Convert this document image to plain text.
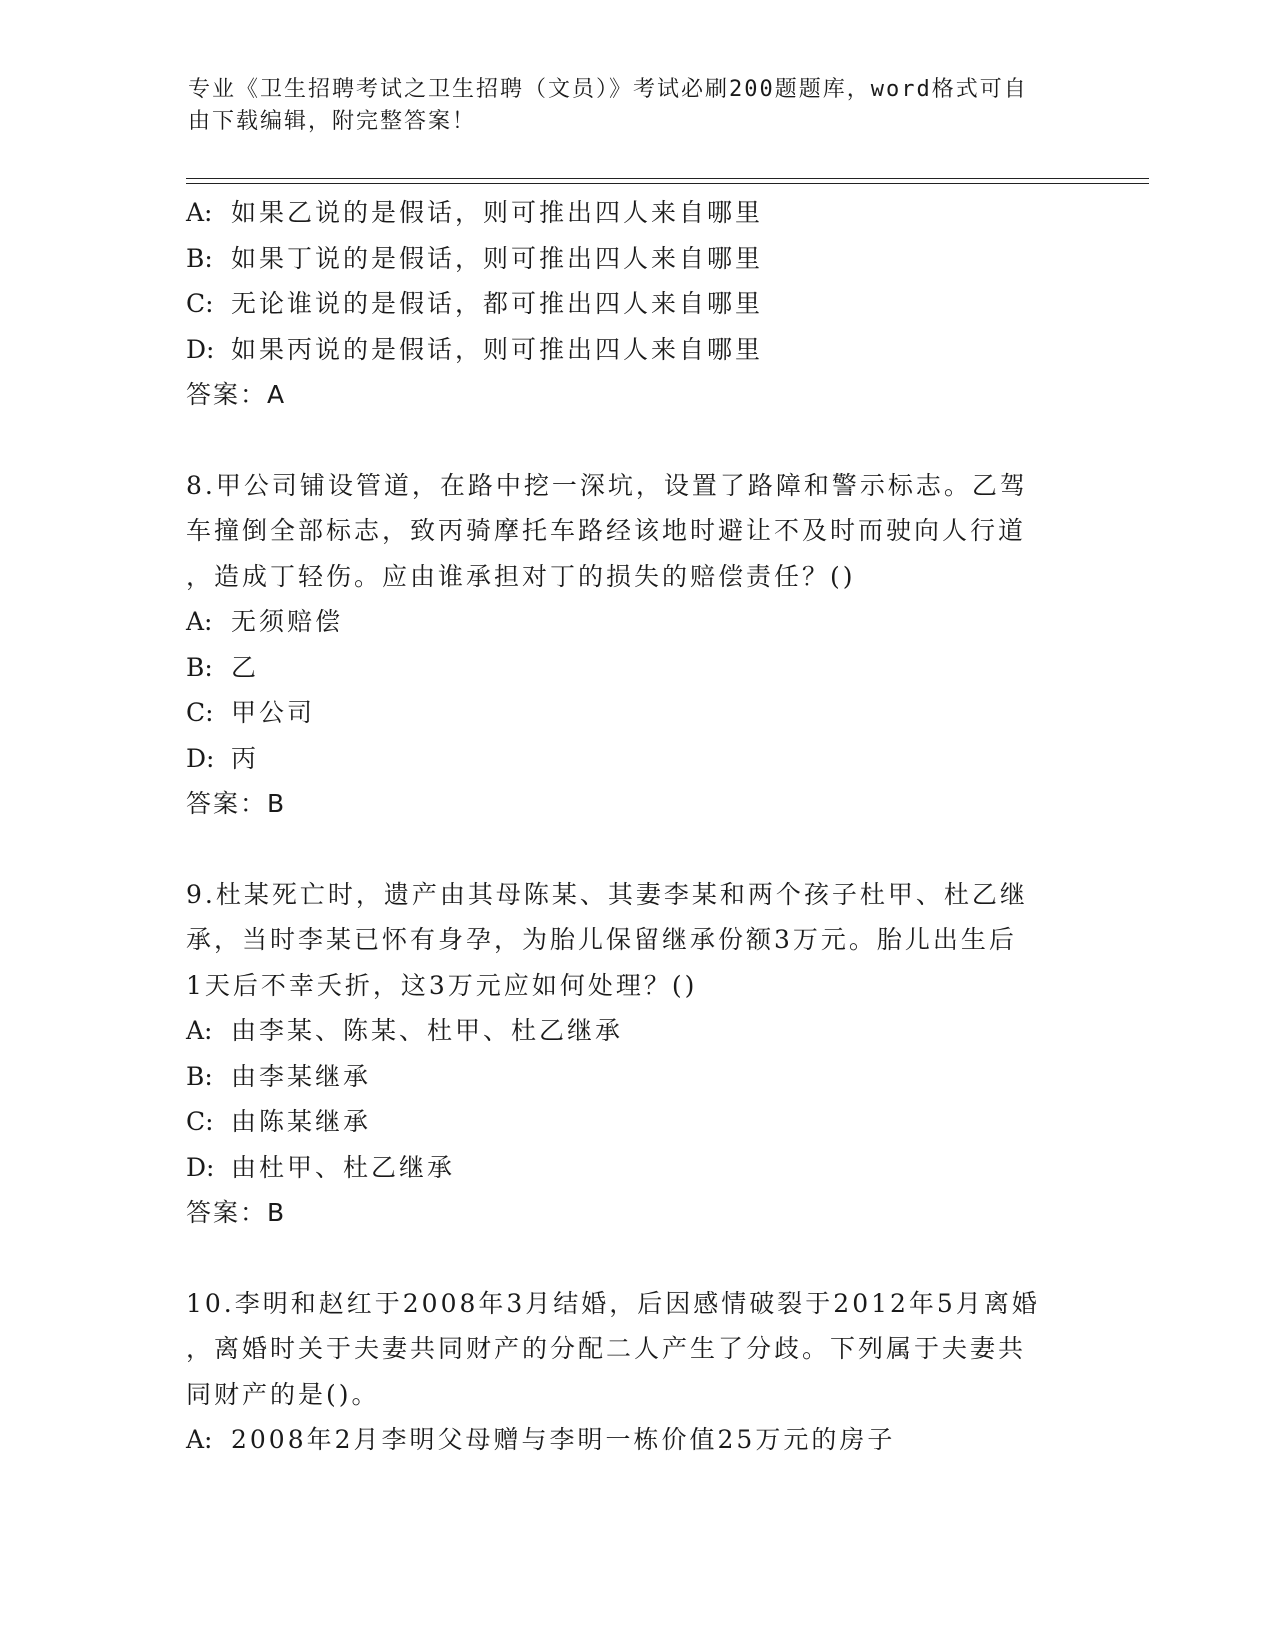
专业《卫生招聘考试之卫生招聘（文员）》考试必刷200题题库，word格式可自
由下载编辑，附完整答案！
A: 如果乙说的是假话，则可推出四人来自哪里
B: 如果丁说的是假话，则可推出四人来自哪里
C: 无论谁说的是假话，都可推出四人来自哪里
D: 如果丙说的是假话，则可推出四人来自哪里
答案：A
8.甲公司铺设管道，在路中挖一深坑，设置了路障和警示标志。乙驾
车撞倒全部标志，致丙骑摩托车路经该地时避让不及时而驶向人行道
，造成丁轻伤。应由谁承担对丁的损失的赔偿责任？()
A: 无须赔偿
B: 乙
C: 甲公司
D: 丙
答案：B
9.杜某死亡时，遗产由其母陈某、其妻李某和两个孩子杜甲、杜乙继
承，当时李某已怀有身孕，为胎儿保留继承份额3万元。胎儿出生后
1天后不幸夭折，这3万元应如何处理？()
A: 由李某、陈某、杜甲、杜乙继承
B: 由李某继承
C: 由陈某继承
D: 由杜甲、杜乙继承
答案：B
10.李明和赵红于2008年3月结婚，后因感情破裂于2012年5月离婚
，离婚时关于夫妻共同财产的分配二人产生了分歧。下列属于夫妻共
同财产的是()。
A: 2008年2月李明父母赠与李明一栋价值25万元的房子
